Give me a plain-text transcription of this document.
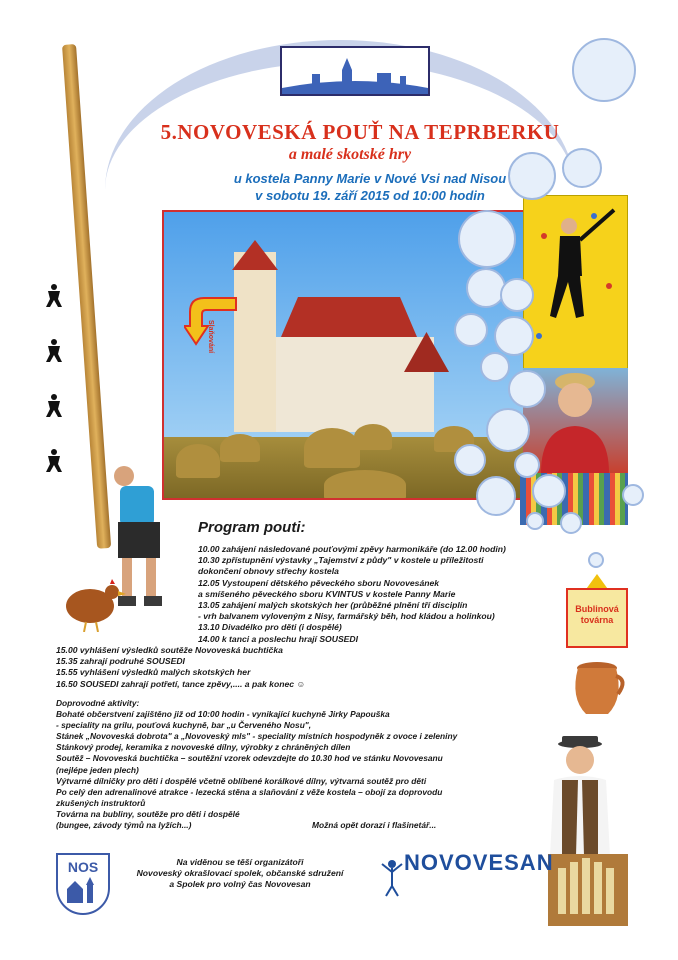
5.NOVOVESKÁ POUŤ NA TEPRBERKU
a malé skotské hry
u kostela Panny Marie v Nové Vsi nad Nisou
v sobotu 19. září 2015 od 10:00 hodin
Slaňování
Program pouti:
10.00 zahájení následované pouťovými zpěvy harmonikáře (do 12.00 hodin)
10.30 zpřístupnění výstavky „Tajemství z půdy" v kostele u příležitosti
dokončení obnovy střechy kostela
12.05 Vystoupení dětského pěveckého sboru Novovesánek
a smíšeného pěveckého sboru KVINTUS v kostele Panny Marie
13.05 zahájení malých skotských her (průběžné plnění tří disciplín
- vrh balvanem vyloveným z Nisy, farmářský běh, hod kládou a holinkou)
13.10 Divadélko pro děti (i dospělé)
14.00 k tanci a poslechu hrají SOUSEDI
15.00 vyhlášení výsledků soutěže Novoveská buchtička
15.35 zahrají podruhé SOUSEDI
15.55 vyhlášení výsledků malých skotských her
16.50 SOUSEDI zahrají potřetí, tance zpěvy,.... a pak konec ☺
Bublinová
továrna
Doprovodné aktivity:
Bohaté občerstvení zajištěno již od 10:00 hodin - vynikající kuchyně Jirky Papouška
- speciality na grilu, pouťová kuchyně, bar „u Červeného Nosu",
Stánek „Novoveská dobrota" a „Novoveský mls" - speciality místních hospodyněk z ovoce i zeleniny
Stánkový prodej, keramika z novoveské dílny, výrobky z chráněných dílen
Soutěž – Novoveská buchtička – soutěžní vzorek odevzdejte do 10.30 hod ve stánku Novovesanu
(nejlépe jeden plech)
Výtvarné dílničky pro děti i dospělé včetně oblíbené korálkové dílny, výtvarná soutěž pro děti
Po celý den adrenalinové atrakce - lezecká stěna a slaňování z věže kostela – obojí za doprovodu
zkušených instruktorů
Továrna na bubliny, soutěže pro děti i dospělé
(bungee, závody týmů na lyžích...)	Možná opět dorazí i flašinetář...
NOS	Na viděnou se těší organizátoři
Novoveský okrašlovací spolek, občanské sdružení
a Spolek pro volný čas Novovesan
NOVOVESAN
